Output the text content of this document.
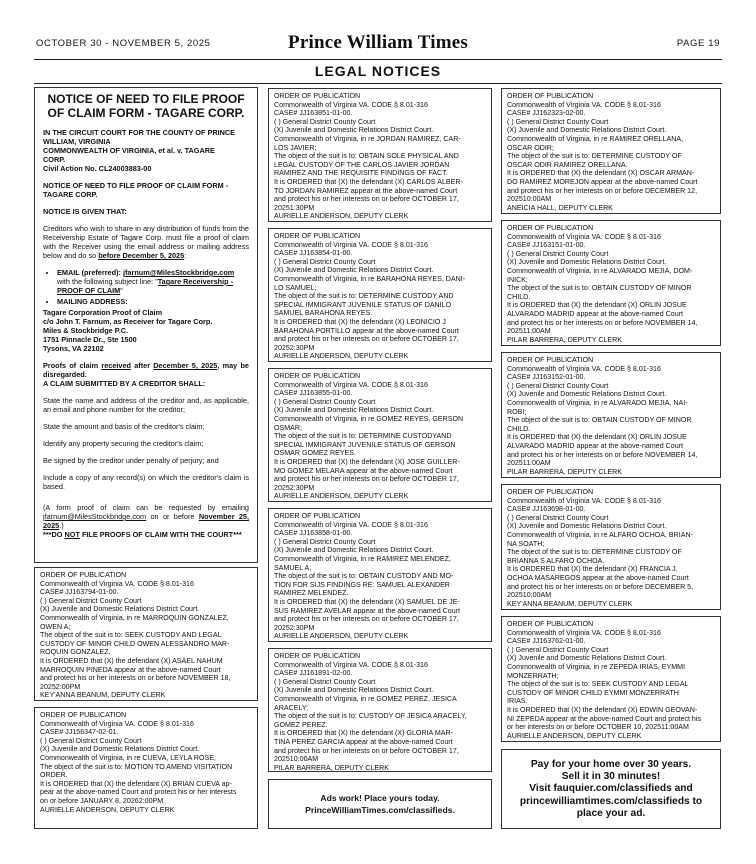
OCTOBER 30 - NOVEMBER 5, 2025	Prince William Times	PAGE 19
LEGAL NOTICES
NOTICE OF NEED TO FILE PROOF
OF CLAIM FORM - TAGARE CORP.

IN THE CIRCUIT COURT FOR THE COUNTY OF PRINCE
WILLIAM, VIRGINIA
COMMONWEALTH OF VIRGINIA, et al. v. TAGARE
CORP.
Civil Action No. CL24003883-00

NOTICE OF NEED TO FILE PROOF OF CLAIM FORM -
TAGARE CORP.

NOTICE IS GIVEN THAT:

Creditors who wish to share in any distribution of funds from the Receivership Estate of Tagare Corp. must file a proof of claim with the Receiver using the email address or mailing address below and do so before December 5, 2025:

• EMAIL (preferred): jfarnum@MilesStockbridge.com with the following subject line: "Tagare Receivership - PROOF OF CLAIM"
• MAILING ADDRESS:

Tagare Corporation Proof of Claim
c/o John T. Farnum, as Receiver for Tagare Corp.
Miles & Stockbridge P.C.
1751 Pinnacle Dr., Ste 1500
Tysons, VA 22102

Proofs of claim received after December 5, 2025, may be disregarded.
A CLAIM SUBMITTED BY A CREDITOR SHALL:

State the name and address of the creditor and, as applicable, an email and phone number for the creditor;

State the amount and basis of the creditor's claim;

Identify any property securing the creditor's claim;

Be signed by the creditor under penalty of perjury; and

Include a copy of any record(s) on which the creditor's claim is based.

(A form proof of claim can be requested by emailing jfarnum@MilesStockbridge.com on or before November 25, 2025.)
***DO NOT FILE PROOFS OF CLAIM WITH THE COURT***

ORDER OF PUBLICATION
Commonwealth of Virginia VA. CODE § 8.01-316
CASE# JJ163851-01-00.
( ) General District County Court
(X) Juvenile and Domestic Relations District Court.
Commonwealth of Virginia, in re JORDAN RAMIREZ, CAR-
LOS JAVIER;
The object of the suit is to: OBTAIN SOLE PHYSICAL AND
LEGAL CUSTODY OF THE CARLOS JAVIER JORDAN
RAMIREZ AND THE REQUISITE FINDINGS OF FACT.
It is ORDERED that (X) the defendant (X) CARLOS ALBER-
TO JORDAN RAMIREZ appear at the above-named Court
and protect his or her interests on or before OCTOBER 17,
20251:30PM
AURIELLE ANDERSON, DEPUTY CLERK
ORDER OF PUBLICATION
Commonwealth of Virginia VA. CODE § 8.01-316
CASE# JJ163854-01-00.
( ) General District County Court
(X) Juvenile and Domestic Relations District Court.
Commonwealth of Virginia, in re BARAHONA REYES, DANI-
LO SAMUEL;
The object of the suit is to: DETERMINE CUSTODY AND
SPECIAL IMMIGRANT JUVENILE STATUS OF DANILO
SAMUEL BARAHONA REYES.
It is ORDERED that (X) the defendant (X) LEONICIO J
BARAHONA PORTILLO appear at the above-named Court
and protect his or her interests on or before OCTOBER 17,
20252:30PM
AURIELLE ANDERSON, DEPUTY CLERK
ORDER OF PUBLICATION
Commonwealth of Virginia VA. CODE § 8.01-316
CASE# JJ163855-01-00.
( ) General District County Court
(X) Juvenile and Domestic Relations District Court.
Commonwealth of Virginia, in re GOMEZ REYES, GERSON
OSMAR;
The object of the suit is to: DETERMINE CUSTODYAND
SPECIAL IMMIGRANT JUVENILE STATUS OF GERSON
OSMAR GOMEZ REYES.
It is ORDERED that (X) the defendant (X) JOSE GUILLER-
MO GOMEZ MELARA appear at the above-named Court
and protect his or her interests on or before OCTOBER 17,
20252:30PM
AURIELLE ANDERSON, DEPUTY CLERK
ORDER OF PUBLICATION
Commonwealth of Virginia VA. CODE § 8.01-316
CASE# JJ163858-01-00.
( ) General District County Court
(X) Juvenile and Domestic Relations District Court.
Commonwealth of Virginia, in re RAMIREZ MELENDEZ,
SAMUEL A;
The object of the suit is to: OBTAIN CUSTODY AND MO-
TION FOR SIJS FINDINGS RE: SAMUEL ALEXANDER
RAMIREZ MELENDEZ.
It is ORDERED that (X) the defendant (X) SAMUEL DE JE-
SUS RAMIREZ AVELAR appear at the above-named Court
and protect his or her interests on or before OCTOBER 17,
20252:30PM
AURIELLE ANDERSON, DEPUTY CLERK
ORDER OF PUBLICATION
Commonwealth of Virginia VA. CODE § 8.01-316
CASE# JJ161891-02-00.
( ) General District County Court
(X) Juvenile and Domestic Relations District Court.
Commonwealth of Virginia, in re GOMEZ PEREZ, JESICA
ARACELY;
The object of the suit is to: CUSTODY OF JESICA ARACELY,
GOMEZ PEREZ.
It is ORDERED that (X) the defendant (X) GLORIA MAR-
TINA PEREZ GARCIA appear at the above-named Court
and protect his or her interests on or before OCTOBER 17,
202510:00AM
PILAR BARRERA, DEPUTY CLERK
ORDER OF PUBLICATION
Commonwealth of Virginia VA. CODE § 8.01-316
CASE# JJ162323-02-00.
( ) General District County Court
(X) Juvenile and Domestic Relations District Court.
Commonwealth of Virginia, in re RAMIREZ ORELLANA,
OSCAR ODIR;
The object of the suit is to: DETERMINE CUSTODY OF
OSCAR ODIR RAMIREZ ORELLANA.
It is ORDERED that (X) the defendant (X) OSCAR ARMAN-
DO RAMIREZ MOREJON appear at the above-named Court
and protect his or her interests on or before DECEMBER 12,
202510:00AM
ANEICIA HALL, DEPUTY CLERK
ORDER OF PUBLICATION
Commonwealth of Virginia VA. CODE § 8.01-316
CASE# JJ163151-01-00.
( ) General District County Court
(X) Juvenile and Domestic Relations District Court.
Commonwealth of Virginia, in re ALVARADO MEJIA, DOM-
INICK;
The object of the suit is to: OBTAIN CUSTODY OF MINOR
CHILD.
It is ORDERED that (X) the defendant (X) ORLIN JOSUE
ALVARADO MADRID appear at the above-named Court
and protect his or her interests on or before NOVEMBER 14,
202511:00AM
PILAR BARRERA, DEPUTY CLERK
ORDER OF PUBLICATION
Commonwealth of Virginia VA. CODE § 8.01-316
CASE# JJ163152-01-00.
( ) General District County Court
(X) Juvenile and Domestic Relations District Court.
Commonwealth of Virginia, in re ALVARADO MEJIA, NAI-
ROBI;
The object of the suit is to: OBTAIN CUSTODY OF MINOR
CHILD.
It is ORDERED that (X) the defendant (X) ORLIN JOSUE
ALVARADO MADRID appear at the above-named Court
and protect his or her interests on or before NOVEMBER 14,
202511:00AM
PILAR BARRERA, DEPUTY CLERK
ORDER OF PUBLICATION
Commonwealth of Virginia VA. CODE § 8.01-316
CASE# JJ163698-01-00.
( ) General District County Court
(X) Juvenile and Domestic Relations District Court.
Commonwealth of Virginia, in re ALFARO OCHOA, BRIAN-
NA SOATH;
The object of the suit is to: DETERMINE CUSTODY OF
BRIANNA S ALFARO OCHOA.
It is ORDERED that (X) the defendant (X) FRANCIA J.
OCHOA MASAREGOS appear at the above-named Court
and protect his or her interests on or before DECEMBER 5,
202510:00AM
KEY'ANNA BEANUM, DEPUTY CLERK
ORDER OF PUBLICATION
Commonwealth of Virginia VA. CODE § 8.01-316
CASE# JJ163762-01-00.
( ) General District County Court
(X) Juvenile and Domestic Relations District Court.
Commonwealth of Virginia, in re ZEPEDA IRIAS, EYMMI
MONZERRATH;
The object of the suit is to: SEEK CUSTODY AND LEGAL
CUSTODY OF MINOR CHILD EYMMI MONZERRATH
IRIAS.
It is ORDERED that (X) the defendant (X) EDWIN GEOVAN-
NI ZEPEDA appear at the above-named Court and protect his
or her interests on or before OCTOBER 10, 202511:00AM
AURIELLE ANDERSON, DEPUTY CLERK
ORDER OF PUBLICATION
Commonwealth of Virginia VA. CODE § 8.01-316
CASE# JJ163794-01-00.
( ) General District County Court
(X) Juvenile and Domestic Relations District Court.
Commonwealth of Virginia, in re MARROQUIN GONZALEZ,
OWEN A;
The object of the suit is to: SEEK CUSTODY AND LEGAL
CUSTODY OF MINOR CHILD OWEN ALESSANDRO MAR-
ROQUIN GONZALEZ.
It is ORDERED that (X) the defendant (X) ASAEL NAHUM
MARROQUIN PINEDA appear at the above-named Court
and protect his or her interests on or before NOVEMBER 18,
20252:00PM
KEY'ANNA BEANUM, DEPUTY CLERK
ORDER OF PUBLICATION
Commonwealth of Virginia VA. CODE § 8.01-316
CASE# JJ156347-02-01.
( ) General District County Court
(X) Juvenile and Domestic Relations District Court.
Commonwealth of Virginia, in re CUEVA, LEYLA ROSE;
The object of the suit is to: MOTION TO AMEND VISITATION
ORDER.
It is ORDERED that (X) the defendant (X) BRIAN CUEVA ap-
pear at the above-named Court and protect his or her interests
on or before JANUARY 8, 20262:00PM
AURIELLE ANDERSON, DEPUTY CLERK
Ads work! Place yours today.
PrinceWilliamTimes.com/classifieds.
Pay for your home over 30 years.
Sell it in 30 minutes!
Visit fauquier.com/classifieds and
princewilliamtimes.com/classifieds to
place your ad.
